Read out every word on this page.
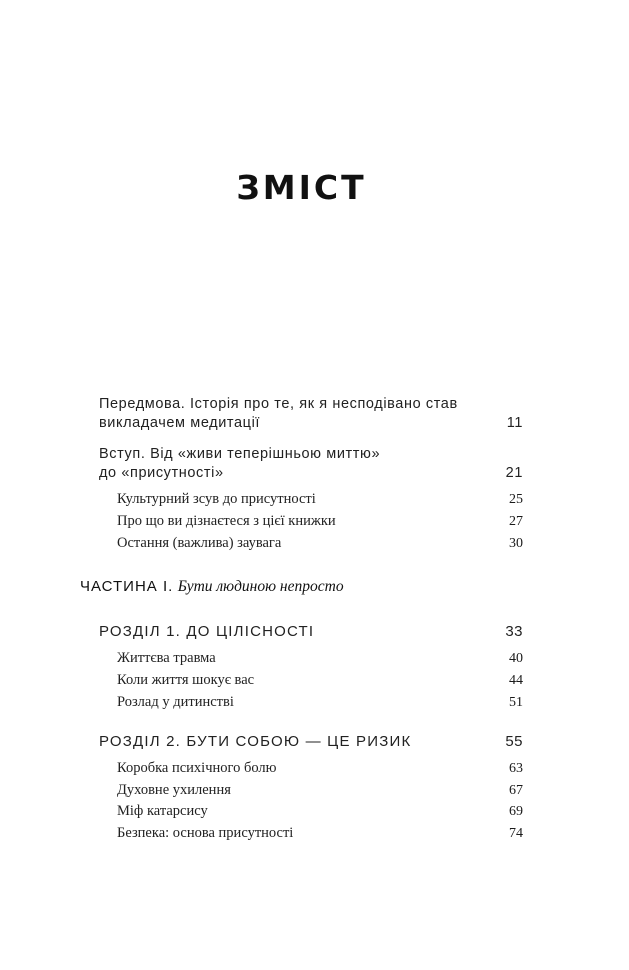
ЗМІСТ
Передмова. Історія про те, як я несподівано став
викладачем медитації	11
Вступ. Від «живи теперішньою миттю»
до «присутності»	21
Культурний зсув до присутності	25
Про що ви дізнаєтеся з цієї книжки	27
Остання (важлива) заувага	30
ЧАСТИНА І. Бути людиною непросто
РОЗДІЛ 1. ДО ЦІЛІСНОСТІ	33
Життєва травма	40
Коли життя шокує вас	44
Розлад у дитинстві	51
РОЗДІЛ 2. БУТИ СОБОЮ — ЦЕ РИЗИК	55
Коробка психічного болю	63
Духовне ухилення	67
Міф катарсису	69
Безпека: основа присутності	74
